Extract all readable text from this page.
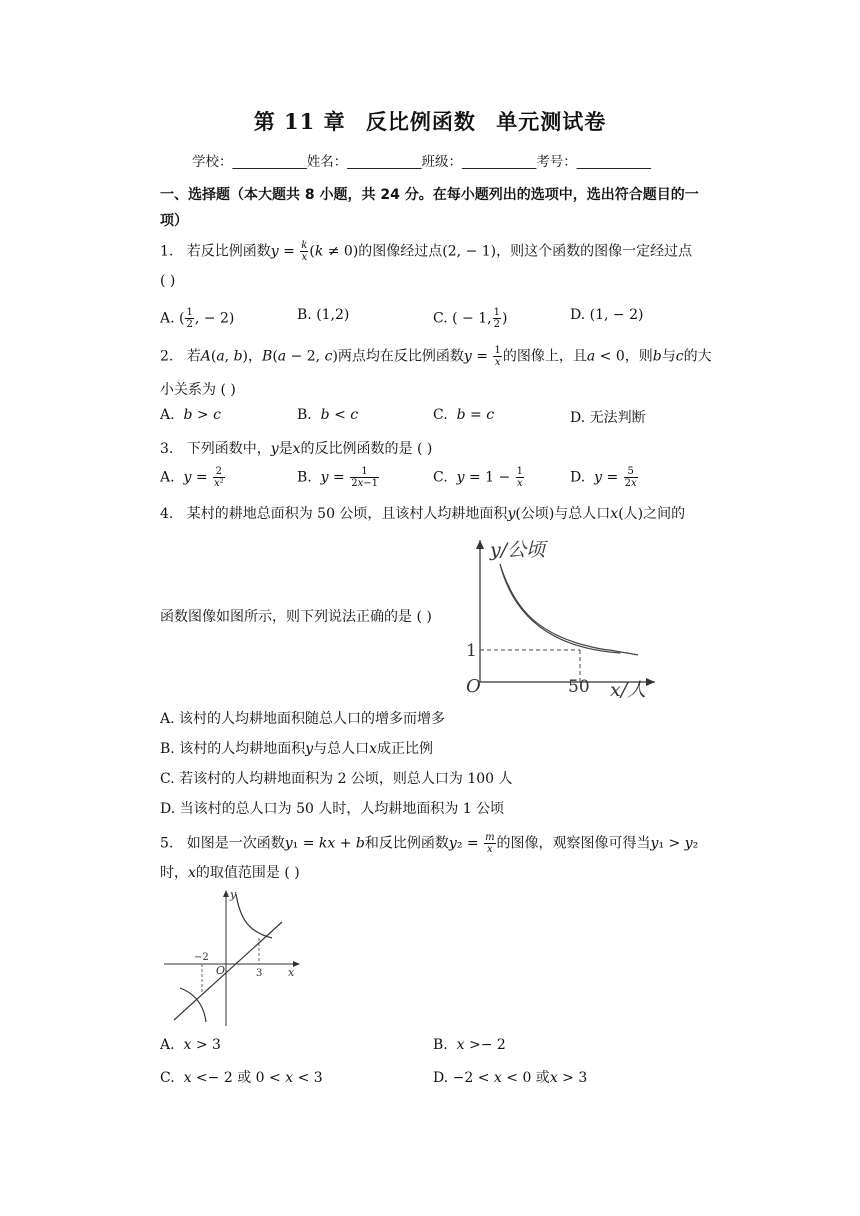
第 11 章 反比例函数 单元测试卷
学校：___________姓名：___________班级：___________考号：___________
一、选择题（本大题共 8 小题，共 24 分。在每小题列出的选项中，选出符合题目的一
项）
1. 若反比例函数$y = \frac{k}{x} (k \ne 0)$的图像经过点(2, − 1)，则这个函数的图像一定经过点
( )
A. ( $\frac{1}{2}$ , − 2)	B. (1,2)	C. ( − 1, $\frac{1}{2}$ )	D. (1, − 2)
2. 若A(a, b)，B(a − 2, c)两点均在反比例函数$y = \frac{1}{x}$ 的图像上，且a < 0，则b与c的大
小关系为 ( )
A. b > c	B. b < c	C. b = c	D. 无法判断
3. 下列函数中，y是x的反比例函数的是 ( )
A. $y = \frac{2}{\text{x²}}$	B. $y = \frac{1}{2x-1}$	C. $y = 1 - \frac{1}{x}$	D. $y = \frac{5}{2x}$
4. 某村的耕地总面积为 50 公顷，且该村人均耕地面积y(公顷)与总人口x(人)之间的
函数图像如图所示，则下列说法正确的是 ( )
y/公顷
1
O	50 x/人
A. 该村的人均耕地面积随总人口的增多而增多
B. 该村的人均耕地面积y与总人口x成正比例
C. 若该村的人均耕地面积为 2 公顷，则总人口为 100 人
D. 当该村的总人口为 50 人时，人均耕地面积为 1 公顷
5. 如图是一次函数y₁ = kx + b和反比例函数$y_2 = \frac{m}{x}$ 的图像，观察图像可得当y₁ > y₂
时，x的取值范围是 ( )
y
x
O
−2
3
A. x > 3	B. x >− 2
C. x <− 2 或 0 < x < 3	D. −2 < x < 0 或x > 3
